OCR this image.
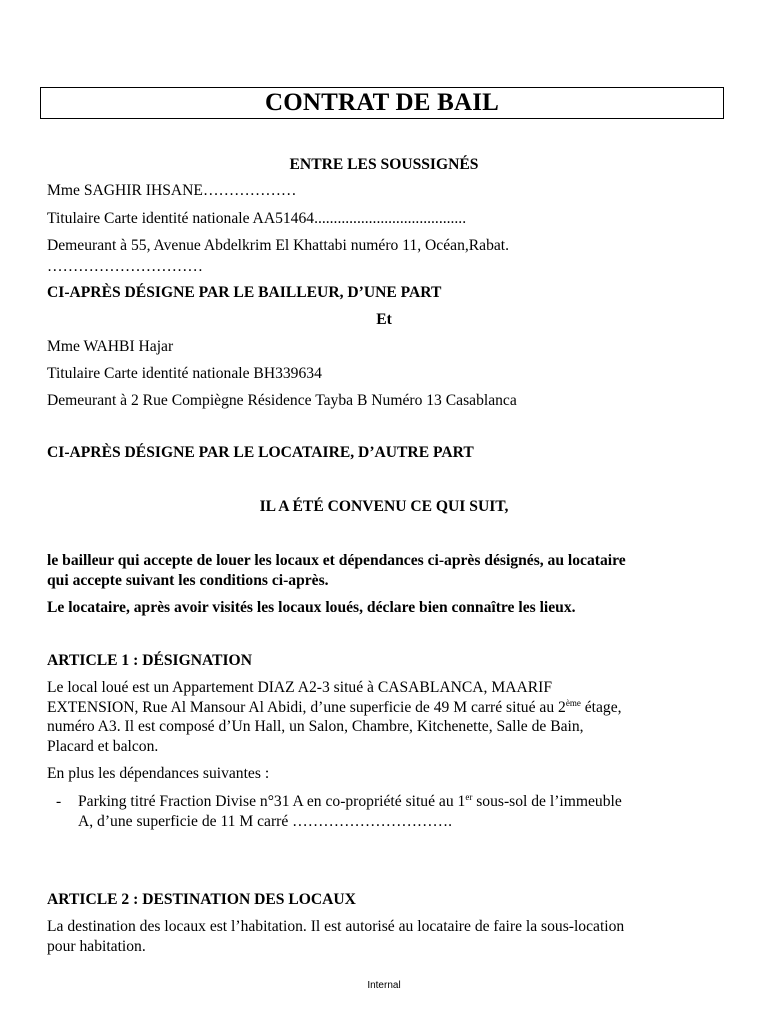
CONTRAT DE BAIL
ENTRE LES SOUSSIGNÉS
Mme SAGHIR IHSANE………………
Titulaire Carte identité nationale AA51464.......................................
Demeurant à 55, Avenue Abdelkrim El Khattabi numéro 11, Océan,Rabat.
…………………………
CI-APRÈS DÉSIGNE PAR LE BAILLEUR, D’UNE PART
Et
Mme WAHBI Hajar
Titulaire Carte identité nationale BH339634
Demeurant à 2 Rue Compiègne Résidence Tayba B Numéro 13 Casablanca
CI-APRÈS DÉSIGNE PAR LE LOCATAIRE, D’AUTRE PART
IL A ÉTÉ CONVENU CE QUI SUIT,
le bailleur qui accepte de louer les locaux et dépendances ci-après désignés, au locataire
qui accepte suivant les conditions ci-après.
Le locataire, après avoir visités les locaux loués, déclare bien connaître les lieux.
ARTICLE 1 : DÉSIGNATION
Le local loué est un Appartement DIAZ A2-3 situé à CASABLANCA, MAARIF
EXTENSION, Rue Al Mansour Al Abidi, d’une superficie de 49 M carré situé au 2ème étage,
numéro A3. Il est composé d’Un Hall, un Salon, Chambre, Kitchenette, Salle de Bain,
Placard et balcon.
En plus les dépendances suivantes :
- Parking titré Fraction Divise n°31 A en co-propriété situé au 1er sous-sol de l’immeuble
A, d’une superficie de 11 M carré ………………………….
ARTICLE 2 : DESTINATION DES LOCAUX
La destination des locaux est l’habitation. Il est autorisé au locataire de faire la sous-location
pour habitation.
Internal
